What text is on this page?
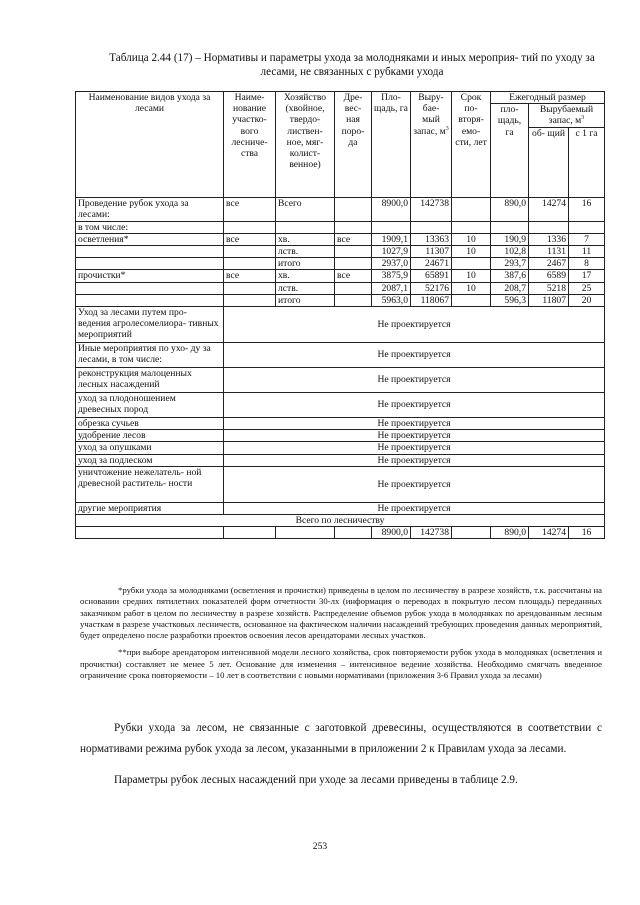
Таблица 2.44 (17) – Нормативы и параметры ухода за молодняками и иных мероприя- тий по уходу за лесами, не связанных с рубками ухода
Наименование видов ухода за лесами	Наиме- нование участко- вого лесниче- ства	Хозяйство (хвойное, твердо- листвен- ное, мяг- колист- венное)	Дре- вес- ная поро- да	Пло- щадь, га	Выру- бае- мый запас, $м^3$	Срок по- вторя- емо- сти, лет	Ежегодный размер		
							пло- щадь, га	Вырубаемый запас, $м^3$
								об- щий	с 1 га
Проведение рубок ухода за лесами:	все	Всего		8900,0	142738		890,0	14274	16
в том числе:									
осветления*	все	хв.	все	1909,1	13363	10	190,9	1336	7
		лств.		1027,9	11307	10	102,8	1131	11
		итого		2937,0	24671		293,7	2467	8
прочистки*	все	хв.	все	3875,9	65891	10	387,6	6589	17
		лств.		2087,1	52176	10	208,7	5218	25
		итого		5963,0	118067		596,3	11807	20
Уход за лесами путем про- ведения агролесомелиора- тивных мероприятий	Не проектируется								
Иные мероприятия по ухо- ду за лесами, в том числе:	Не проектируется								
реконструкция малоценных лесных насаждений	Не проектируется								
уход за плодоношением древесных пород	Не проектируется								
обрезка сучьев	Не проектируется								
удобрение лесов	Не проектируется								
уход за опушками	Не проектируется								
уход за подлеском	Не проектируется								
уничтожение нежелатель- ной древесной раститель- ности	Не проектируется								
другие мероприятия	Не проектируется								
Всего по лесничеству									
				8900,0	142738		890,0	14274	16

*рубки ухода за молодняками (осветления и прочистки) приведены в целом по лесничеству в разрезе хозяйств, т.к. рассчитаны на основании средних пятилетних показателей форм отчетности 30-лх (информация о переводах в покрытую лесом площадь) переданных заказчиком работ в целом по лесничеству в разрезе хозяйств. Распределение объемов рубок ухода в молодняках по арендованным лесным участкам в разрезе участковых лесничеств, основанное на фактическом наличии насаждений требующих проведения данных мероприятий, будет определено после разработки проектов освоения лесов арендаторами лесных участков.

**при выборе арендатором интенсивной модели лесного хозяйства, срок повторяемости рубок ухода в молодняках (осветления и прочистки) составляет не менее 5 лет. Основание для изменения – интенсивное ведение хозяйства. Необходимо смягчать введенное ограничение срока повторяемости – 10 лет в соответствии с новыми нормативами (приложения 3-6 Правил ухода за лесами)

Рубки ухода за лесом, не связанные с заготовкой древесины, осуществляются в соответствии с нормативами режима рубок ухода за лесом, указанными в приложении 2 к Правилам ухода за лесами.

Параметры рубок лесных насаждений при уходе за лесами приведены в таблице 2.9.

253
